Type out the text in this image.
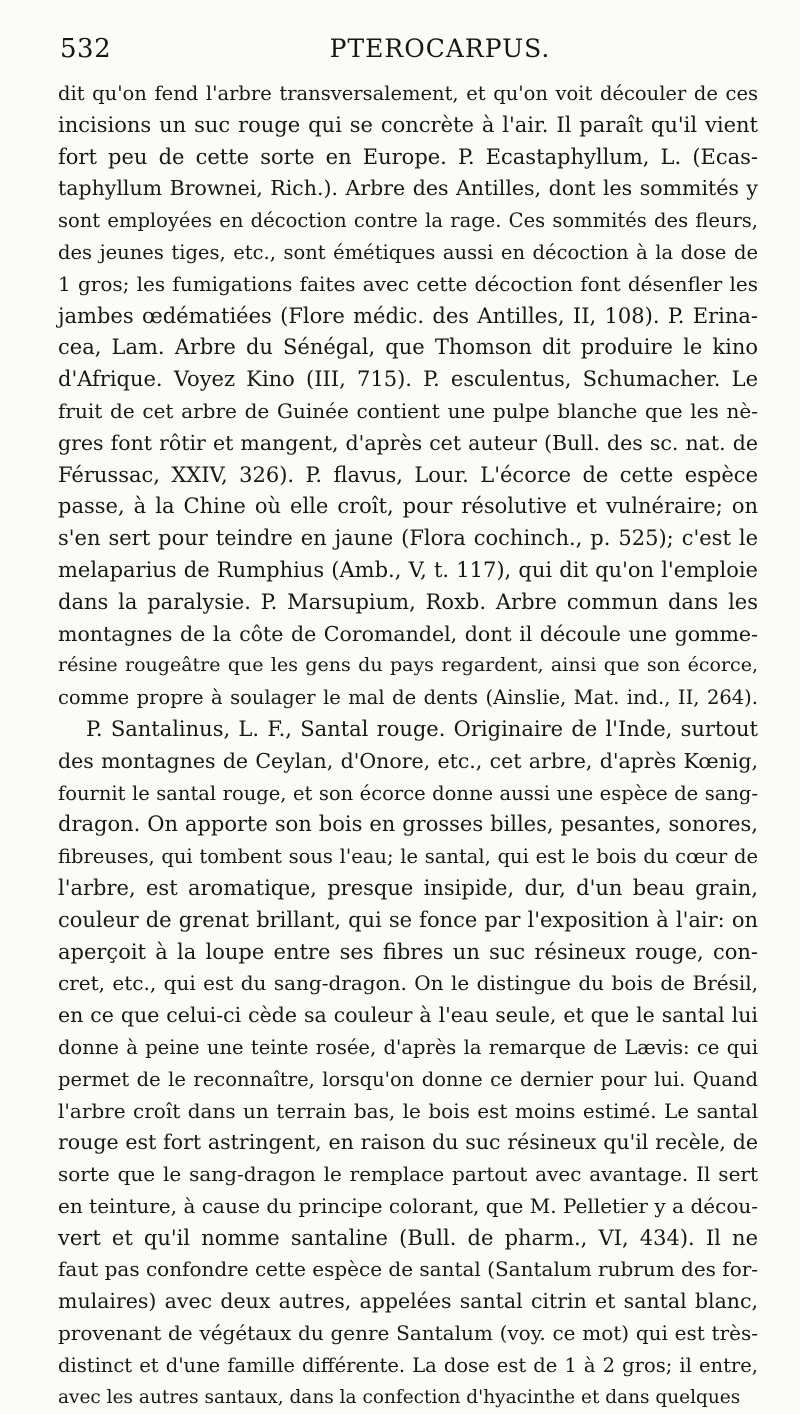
532	PTEROCARPUS.
dit qu'on fend l'arbre transversalement, et qu'on voit découler de ces
incisions un suc rouge qui se concrète à l'air. Il paraît qu'il vient
fort peu de cette sorte en Europe. P. Ecastaphyllum, L. (Ecas-
taphyllum Brownei, Rich.). Arbre des Antilles, dont les sommités y
sont employées en décoction contre la rage. Ces sommités des fleurs,
des jeunes tiges, etc., sont émétiques aussi en décoction à la dose de
1 gros; les fumigations faites avec cette décoction font désenfler les
jambes œdématiées (Flore médic. des Antilles, II, 108). P. Erina-
cea, Lam. Arbre du Sénégal, que Thomson dit produire le kino
d'Afrique. Voyez Kino (III, 715). P. esculentus, Schumacher. Le
fruit de cet arbre de Guinée contient une pulpe blanche que les nè-
gres font rôtir et mangent, d'après cet auteur (Bull. des sc. nat. de
Férussac, XXIV, 326). P. flavus, Lour. L'écorce de cette espèce
passe, à la Chine où elle croît, pour résolutive et vulnéraire; on
s'en sert pour teindre en jaune (Flora cochinch., p. 525); c'est le
melaparius de Rumphius (Amb., V, t. 117), qui dit qu'on l'emploie
dans la paralysie. P. Marsupium, Roxb. Arbre commun dans les
montagnes de la côte de Coromandel, dont il découle une gomme-
résine rougeâtre que les gens du pays regardent, ainsi que son écorce,
comme propre à soulager le mal de dents (Ainslie, Mat. ind., II, 264).
P. Santalinus, L. F., Santal rouge. Originaire de l'Inde, surtout
des montagnes de Ceylan, d'Onore, etc., cet arbre, d'après Kœnig,
fournit le santal rouge, et son écorce donne aussi une espèce de sang-
dragon. On apporte son bois en grosses billes, pesantes, sonores,
fibreuses, qui tombent sous l'eau; le santal, qui est le bois du cœur de
l'arbre, est aromatique, presque insipide, dur, d'un beau grain,
couleur de grenat brillant, qui se fonce par l'exposition à l'air: on
aperçoit à la loupe entre ses fibres un suc résineux rouge, con-
cret, etc., qui est du sang-dragon. On le distingue du bois de Brésil,
en ce que celui-ci cède sa couleur à l'eau seule, et que le santal lui
donne à peine une teinte rosée, d'après la remarque de Lævis: ce qui
permet de le reconnaître, lorsqu'on donne ce dernier pour lui. Quand
l'arbre croît dans un terrain bas, le bois est moins estimé. Le santal
rouge est fort astringent, en raison du suc résineux qu'il recèle, de
sorte que le sang-dragon le remplace partout avec avantage. Il sert
en teinture, à cause du principe colorant, que M. Pelletier y a décou-
vert et qu'il nomme santaline (Bull. de pharm., VI, 434). Il ne
faut pas confondre cette espèce de santal (Santalum rubrum des for-
mulaires) avec deux autres, appelées santal citrin et santal blanc,
provenant de végétaux du genre Santalum (voy. ce mot) qui est très-
distinct et d'une famille différente. La dose est de 1 à 2 gros; il entre,
avec les autres santaux, dans la confection d'hyacinthe et dans quelques
